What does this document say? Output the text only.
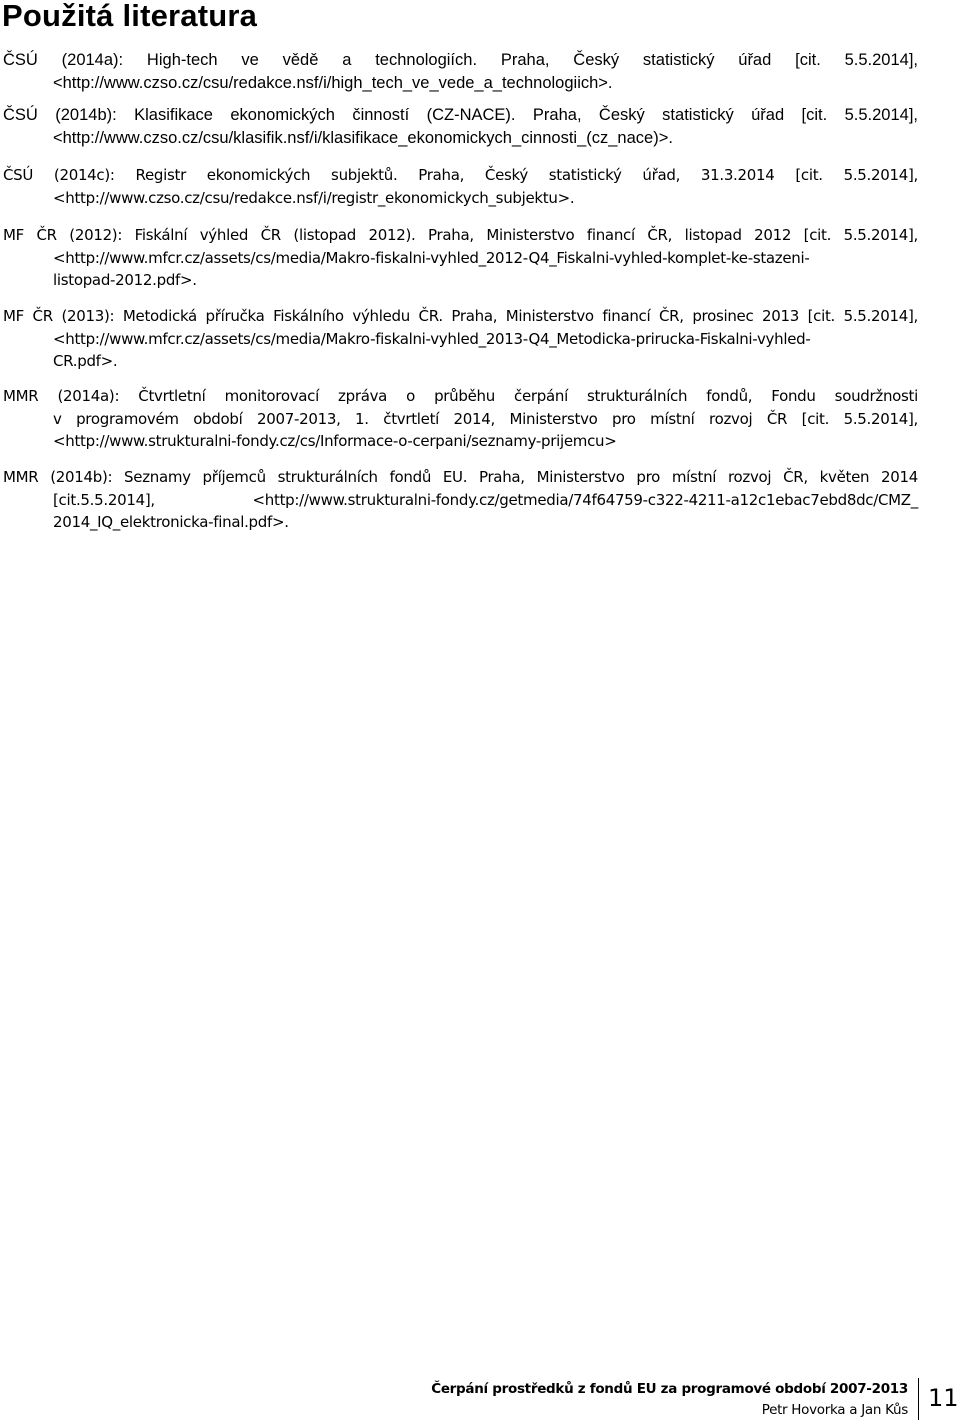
Použitá literatura

ČSÚ (2014a): High-tech ve vědě a technologiích. Praha, Český statistický úřad [cit. 5.5.2014],
<http://www.czso.cz/csu/redakce.nsf/i/high_tech_ve_vede_a_technologiich>.

ČSÚ (2014b): Klasifikace ekonomických činností (CZ-NACE). Praha, Český statistický úřad [cit. 5.5.2014],
<http://www.czso.cz/csu/klasifik.nsf/i/klasifikace_ekonomickych_cinnosti_(cz_nace)>.

ČSÚ (2014c): Registr ekonomických subjektů. Praha, Český statistický úřad, 31.3.2014 [cit. 5.5.2014],
<http://www.czso.cz/csu/redakce.nsf/i/registr_ekonomickych_subjektu>.

MF ČR (2012): Fiskální výhled ČR (listopad 2012). Praha, Ministerstvo financí ČR, listopad 2012 [cit. 5.5.2014],
<http://www.mfcr.cz/assets/cs/media/Makro-fiskalni-vyhled_2012-Q4_Fiskalni-vyhled-komplet-ke-stazeni-
listopad-2012.pdf>.

MF ČR (2013): Metodická příručka Fiskálního výhledu ČR. Praha, Ministerstvo financí ČR, prosinec 2013 [cit. 5.5.2014],
<http://www.mfcr.cz/assets/cs/media/Makro-fiskalni-vyhled_2013-Q4_Metodicka-prirucka-Fiskalni-vyhled-
CR.pdf>.

MMR (2014a): Čtvrtletní monitorovací zpráva o průběhu čerpání strukturálních fondů, Fondu soudržnosti
v programovém období 2007-2013, 1. čtvrtletí 2014, Ministerstvo pro místní rozvoj ČR [cit. 5.5.2014],
<http://www.strukturalni-fondy.cz/cs/Informace-o-cerpani/seznamy-prijemcu>

MMR (2014b): Seznamy příjemců strukturálních fondů EU. Praha, Ministerstvo pro místní rozvoj ČR, květen 2014
[cit.5.5.2014], <http://www.strukturalni-fondy.cz/getmedia/74f64759-c322-4211-a12c1ebac7ebd8dc/CMZ_
2014_IQ_elektronicka-final.pdf>.

Čerpání prostředků z fondů EU za programové období 2007-2013
Petr Hovorka a Jan Kůs 11
